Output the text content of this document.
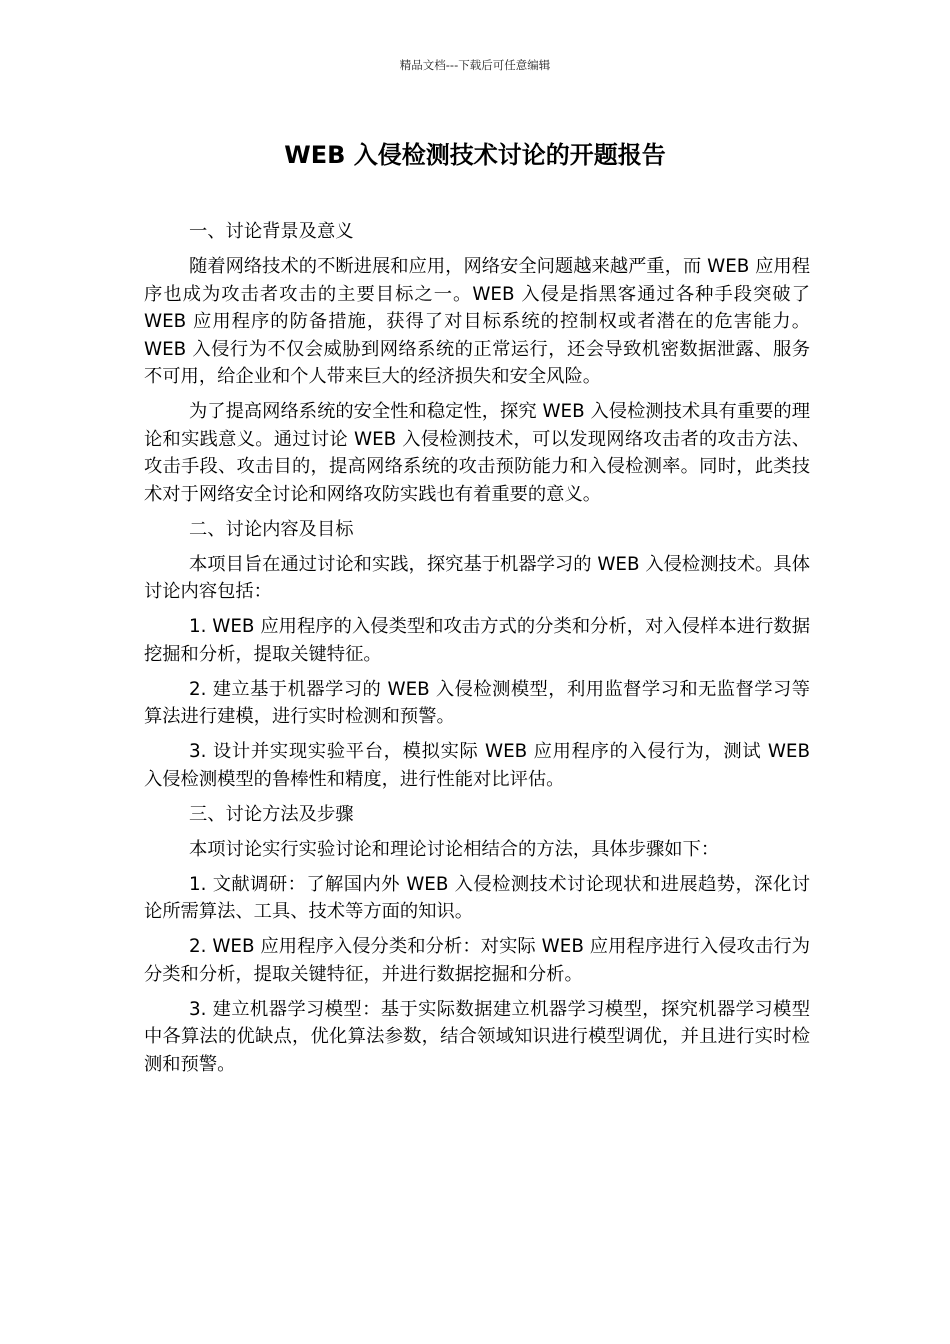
精品文档---下载后可任意编辑
WEB 入侵检测技术讨论的开题报告

一、讨论背景及意义

随着网络技术的不断进展和应用，网络安全问题越来越严重，而 WEB 应用程序也成为攻击者攻击的主要目标之一。WEB 入侵是指黑客通过各种手段突破了 WEB 应用程序的防备措施，获得了对目标系统的控制权或者潜在的危害能力。WEB 入侵行为不仅会威胁到网络系统的正常运行，还会导致机密数据泄露、服务不可用，给企业和个人带来巨大的经济损失和安全风险。

为了提高网络系统的安全性和稳定性，探究 WEB 入侵检测技术具有重要的理论和实践意义。通过讨论 WEB 入侵检测技术，可以发现网络攻击者的攻击方法、攻击手段、攻击目的，提高网络系统的攻击预防能力和入侵检测率。同时，此类技术对于网络安全讨论和网络攻防实践也有着重要的意义。

二、讨论内容及目标

本项目旨在通过讨论和实践，探究基于机器学习的 WEB 入侵检测技术。具体讨论内容包括：

1. WEB 应用程序的入侵类型和攻击方式的分类和分析，对入侵样本进行数据挖掘和分析，提取关键特征。

2. 建立基于机器学习的 WEB 入侵检测模型，利用监督学习和无监督学习等算法进行建模，进行实时检测和预警。

3. 设计并实现实验平台，模拟实际 WEB 应用程序的入侵行为，测试 WEB 入侵检测模型的鲁棒性和精度，进行性能对比评估。

三、讨论方法及步骤

本项讨论实行实验讨论和理论讨论相结合的方法，具体步骤如下：

1. 文献调研：了解国内外 WEB 入侵检测技术讨论现状和进展趋势，深化讨论所需算法、工具、技术等方面的知识。

2. WEB 应用程序入侵分类和分析：对实际 WEB 应用程序进行入侵攻击行为分类和分析，提取关键特征，并进行数据挖掘和分析。

3. 建立机器学习模型：基于实际数据建立机器学习模型，探究机器学习模型中各算法的优缺点，优化算法参数，结合领域知识进行模型调优，并且进行实时检测和预警。
